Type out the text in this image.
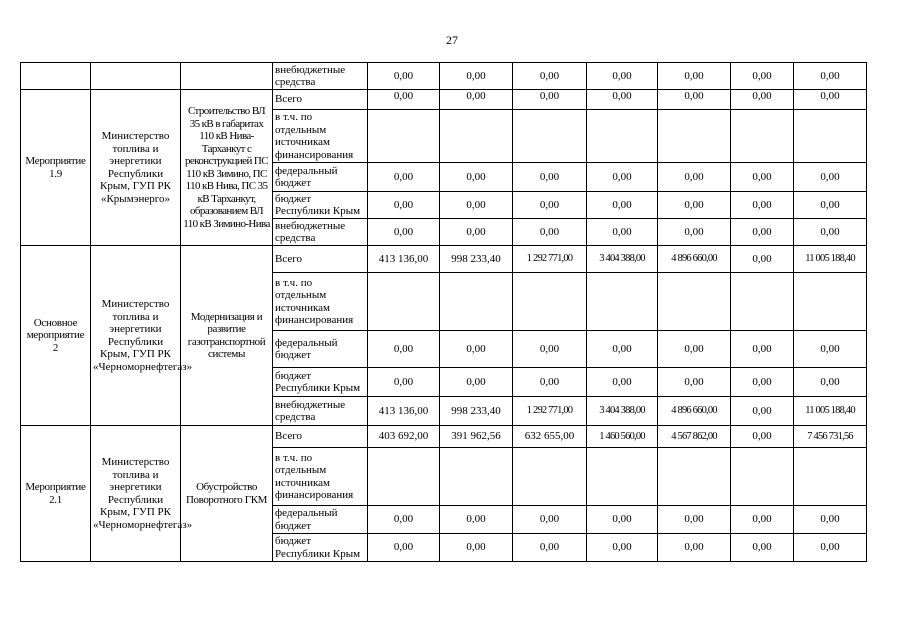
27
			внебюджетные средства	0,00	0,00	0,00	0,00	0,00	0,00	0,00
Мероприятие 1.9	Министерство топлива и энергетики Республики Крым, ГУП РК «Крымэнерго»	Строительство ВЛ 35 кВ в габаритах 110 кВ Нива-Тарханкут с реконструкцией ПС 110 кВ Зимино, ПС 110 кВ Нива, ПС 35 кВ Тарханкут, образованием ВЛ 110 кВ Зимино-Нива	Всего	0,00	0,00	0,00	0,00	0,00	0,00	0,00
			в т.ч. по отдельным источникам финансирования							
			федеральный бюджет	0,00	0,00	0,00	0,00	0,00	0,00	0,00
			бюджет Республики Крым	0,00	0,00	0,00	0,00	0,00	0,00	0,00
			внебюджетные средства	0,00	0,00	0,00	0,00	0,00	0,00	0,00
Основное мероприятие 2	Министерство топлива и энергетики Республики Крым, ГУП РК «Черноморнефтегаз»	Модернизация и развитие газотранспортной системы	Всего	413 136,00	998 233,40	1 292 771,00	3 404 388,00	4 896 660,00	0,00	11 005 188,40
			в т.ч. по отдельным источникам финансирования							
			федеральный бюджет	0,00	0,00	0,00	0,00	0,00	0,00	0,00
			бюджет Республики Крым	0,00	0,00	0,00	0,00	0,00	0,00	0,00
			внебюджетные средства	413 136,00	998 233,40	1 292 771,00	3 404 388,00	4 896 660,00	0,00	11 005 188,40
Мероприятие 2.1	Министерство топлива и энергетики Республики Крым, ГУП РК «Черноморнефтегаз»	Обустройство Поворотного ГКМ	Всего	403 692,00	391 962,56	632 655,00	1 460 560,00	4 567 862,00	0,00	7 456 731,56
			в т.ч. по отдельным источникам финансирования							
			федеральный бюджет	0,00	0,00	0,00	0,00	0,00	0,00	0,00
			бюджет Республики Крым	0,00	0,00	0,00	0,00	0,00	0,00	0,00
